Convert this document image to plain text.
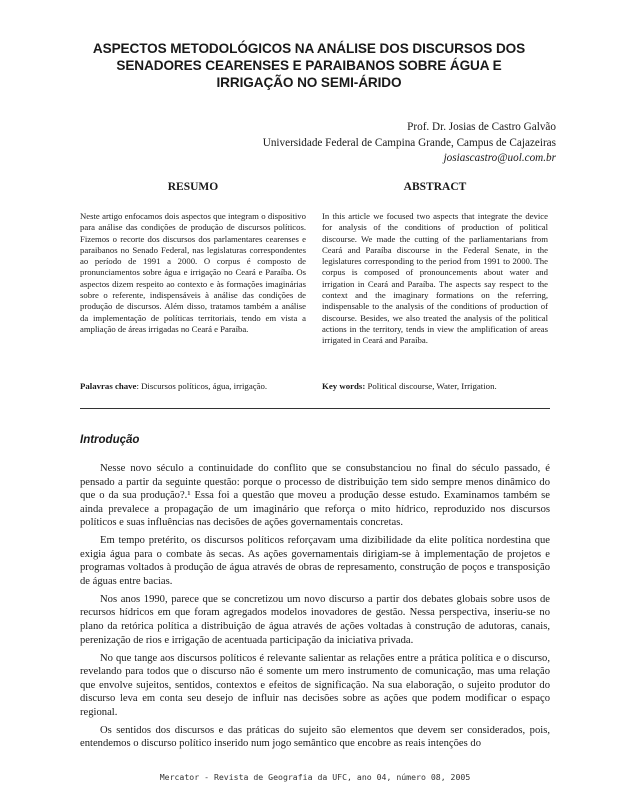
ASPECTOS METODOLÓGICOS NA ANÁLISE DOS DISCURSOS DOS
SENADORES CEARENSES E PARAIBANOS SOBRE ÁGUA E
IRRIGAÇÃO NO SEMI-ÁRIDO
Prof. Dr. Josias de Castro Galvão
Universidade Federal de Campina Grande, Campus de Cajazeiras
josiascastro@uol.com.br
RESUMO	ABSTRACT
Neste artigo enfocamos dois aspectos que integram o dispositivo para análise das condições de produção de discursos políticos. Fizemos o recorte dos discursos dos parlamentares cearenses e paraibanos no Senado Federal, nas legislaturas correspondentes ao período de 1991 a 2000. O corpus é composto de pronunciamentos sobre água e irrigação no Ceará e Paraíba. Os aspectos dizem respeito ao contexto e às formações imaginárias sobre o referente, indispensáveis à análise das condições de produção de discursos. Além disso, tratamos também a análise da implementação de políticas territoriais, tendo em vista a ampliação de áreas irrigadas no Ceará e Paraíba.
In this article we focused two aspects that integrate the device for analysis of the conditions of production of political discourse. We made the cutting of the parliamentarians from Ceará and Paraíba discourse in the Federal Senate, in the legislatures corresponding to the period from 1991 to 2000. The corpus is composed of pronouncements about water and irrigation in Ceará and Paraíba. The aspects say respect to the context and the imaginary formations on the referring, indispensable to the analysis of the conditions of production of discourse. Besides, we also treated the analysis of the political actions in the territory, tends in view the amplification of areas irrigated in Ceará and Paraíba.
Palavras chave: Discursos políticos, água, irrigação.	Key words: Political discourse, Water, Irrigation.
Introdução

Nesse novo século a continuidade do conflito que se consubstanciou no final do século passado, é pensado a partir da seguinte questão: porque o processo de distribuição tem sido sempre menos dinâmico do que o da sua produção?.¹ Essa foi a questão que moveu a produção desse estudo. Examinamos também se ainda prevalece a propagação de um imaginário que reforça o mito hídrico, reproduzido nos discursos políticos e suas influências nas decisões de ações governamentais concretas.

Em tempo pretérito, os discursos políticos reforçavam uma dizibilidade da elite política nordestina que exigia água para o combate às secas. As ações governamentais dirigiam-se à implementação de projetos e programas voltados à produção de água através de obras de represamento, construção de poços e transposição de águas entre bacias.

Nos anos 1990, parece que se concretizou um novo discurso a partir dos debates globais sobre usos de recursos hídricos em que foram agregados modelos inovadores de gestão. Nessa perspectiva, inseriu-se no plano da retórica política a distribuição de água através de ações voltadas à construção de adutoras, canais, perenização de rios e irrigação de acentuada participação da iniciativa privada.

No que tange aos discursos políticos é relevante salientar as relações entre a prática política e o discurso, revelando para todos que o discurso não é somente um mero instrumento de comunicação, mas uma relação que envolve sujeitos, sentidos, contextos e efeitos de significação. Na sua elaboração, o sujeito produtor do discurso leva em conta seu desejo de influir nas decisões sobre as ações que podem modificar o espaço regional.

Os sentidos dos discursos e das práticas do sujeito são elementos que devem ser considerados, pois, entendemos o discurso político inserido num jogo semântico que encobre as reais intenções do

Mercator - Revista de Geografia da UFC, ano 04, número 08, 2005
